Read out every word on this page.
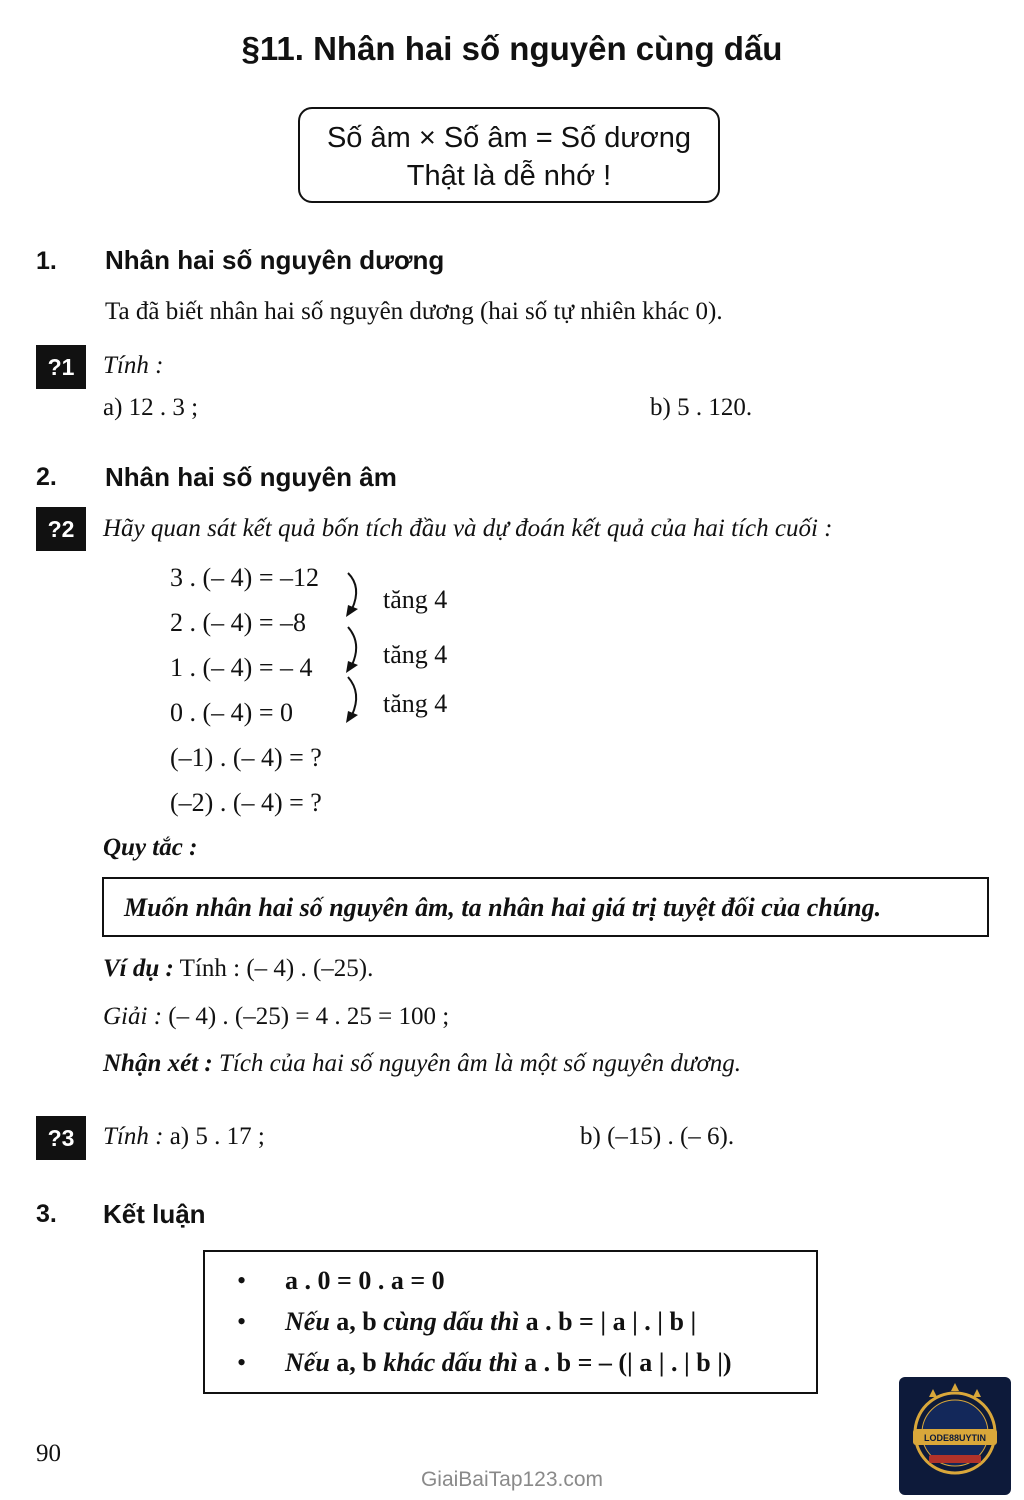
§11. Nhân hai số nguyên cùng dấu
Số âm × Số âm = Số dương
Thật là dễ nhớ !
1. Nhân hai số nguyên dương
Ta đã biết nhân hai số nguyên dương (hai số tự nhiên khác 0).
?1	Tính :
a) 12 . 3 ;	b) 5 . 120.
2. Nhân hai số nguyên âm
?2	Hãy quan sát kết quả bốn tích đầu và dự đoán kết quả của hai tích cuối :
3 . (– 4) = –12
2 . (– 4) = –8
1 . (– 4) = – 4
0 . (– 4) = 0
(–1) . (– 4) = ?
(–2) . (– 4) = ?
tăng 4
tăng 4
tăng 4
Quy tắc :
Muốn nhân hai số nguyên âm, ta nhân hai giá trị tuyệt đối của chúng.
Ví dụ : Tính : (– 4) . (–25).
Giải : (– 4) . (–25) = 4 . 25 = 100 ;
Nhận xét : Tích của hai số nguyên âm là một số nguyên dương.
?3	Tính : a) 5 . 17 ;	b) (–15) . (– 6).
3. Kết luận
• a . 0 = 0 . a = 0
• Nếu a, b cùng dấu thì a . b = | a | . | b |
• Nếu a, b khác dấu thì a . b = – (| a | . | b |)
90
LODE88UYTIN
GiaiBaiTap123.com
